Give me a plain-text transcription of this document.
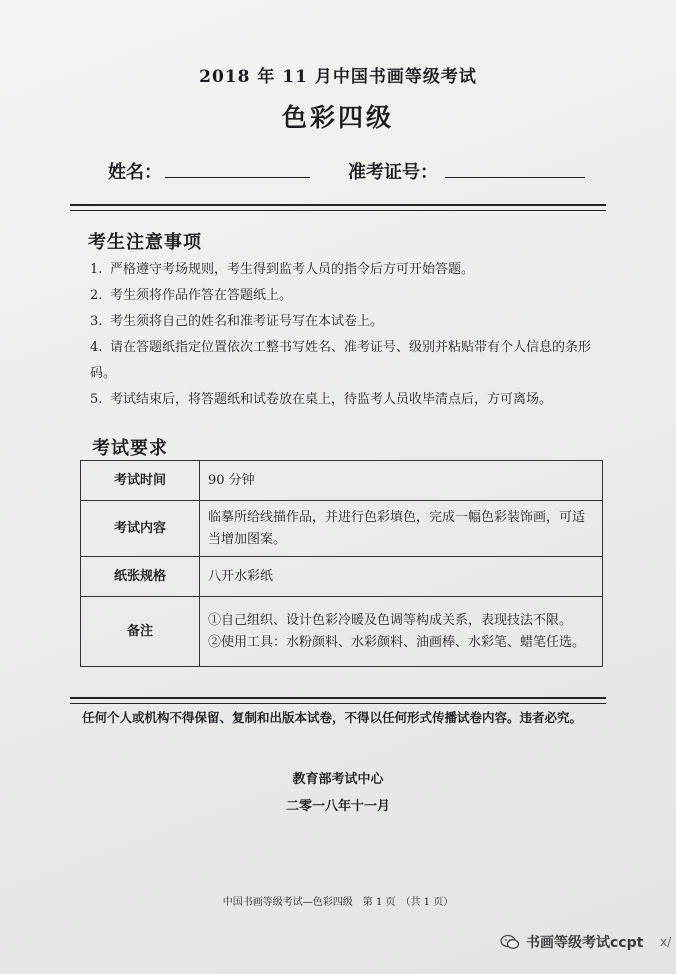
2018 年 11 月中国书画等级考试
色彩四级
姓名：	准考证号：
考生注意事项
1. 严格遵守考场规则，考生得到监考人员的指令后方可开始答题。
2. 考生须将作品作答在答题纸上。
3. 考生须将自己的姓名和准考证号写在本试卷上。
4. 请在答题纸指定位置依次工整书写姓名、准考证号、级别并粘贴带有个人信息的条形码。
5. 考试结束后，将答题纸和试卷放在桌上，待监考人员收毕清点后，方可离场。
考试要求
考试时间	90 分钟
考试内容	临摹所给线描作品，并进行色彩填色，完成一幅色彩装饰画，可适当增加图案。
纸张规格	八开水彩纸
备注	①自己组织、设计色彩冷暖及色调等构成关系，表现技法不限。
②使用工具：水粉颜料、水彩颜料、油画棒、水彩笔、蜡笔任选。
任何个人或机构不得保留、复制和出版本试卷，不得以任何形式传播试卷内容。违者必究。
教育部考试中心
二零一八年十一月
中国书画等级考试—色彩四级　第 1 页　（共 1 页）
书画等级考试ccpt ⅹ/
